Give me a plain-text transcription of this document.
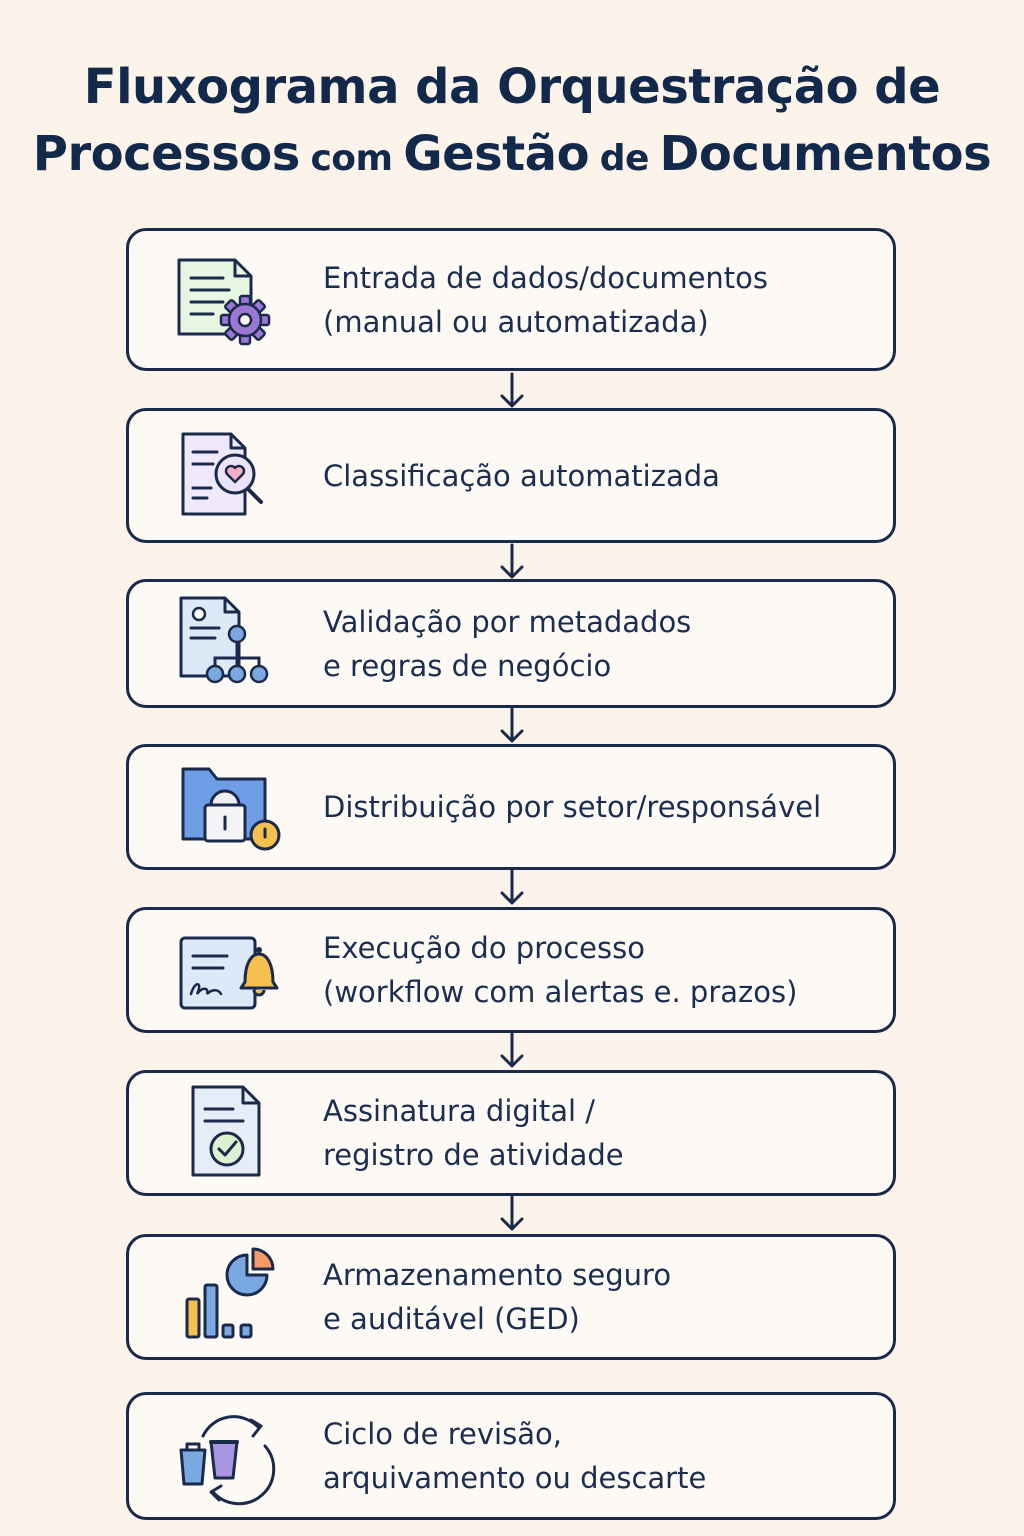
Fluxograma da Orquestração de
Processos com Gestão de Documentos
Entrada de dados/documentos
(manual ou automatizada)
Classificação automatizada
Validação por metadados
e regras de negócio
Distribuição por setor/responsável
Execução do processo
(workflow com alertas e. prazos)
Assinatura digital /
registro de atividade
Armazenamento seguro
e auditável (GED)
Ciclo de revisão,
arquivamento ou descarte
